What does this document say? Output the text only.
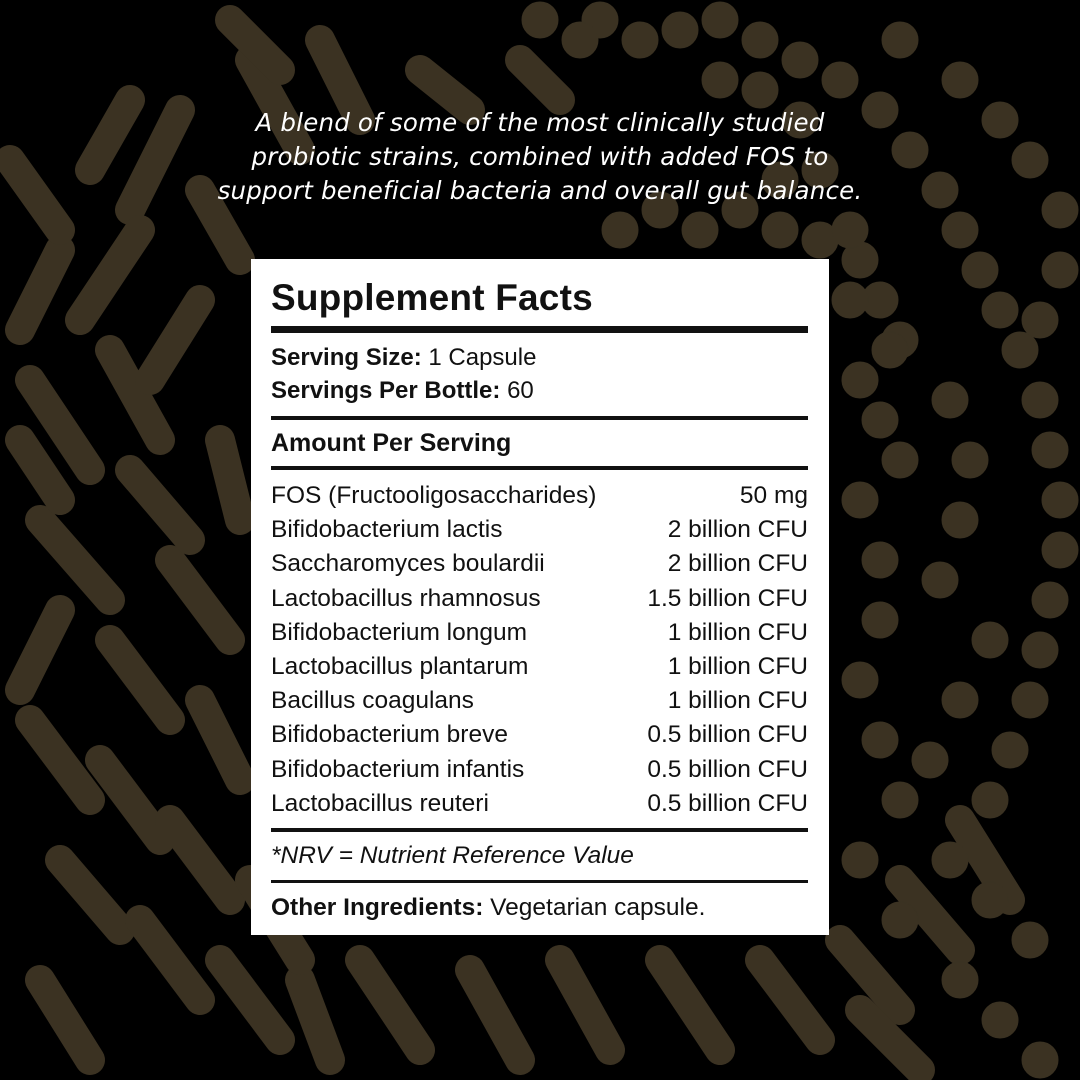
A blend of some of the most clinically studied
probiotic strains, combined with added FOS to
support beneficial bacteria and overall gut balance.
Supplement Facts
Serving Size: 1 Capsule
Servings Per Bottle: 60
Amount Per Serving
FOS (Fructooligosaccharides)	50 mg
Bifidobacterium lactis	2 billion CFU
Saccharomyces boulardii	2 billion CFU
Lactobacillus rhamnosus	1.5 billion CFU
Bifidobacterium longum	1 billion CFU
Lactobacillus plantarum	1 billion CFU
Bacillus coagulans	1 billion CFU
Bifidobacterium breve	0.5 billion CFU
Bifidobacterium infantis	0.5 billion CFU
Lactobacillus reuteri	0.5 billion CFU
*NRV = Nutrient Reference Value
Other Ingredients: Vegetarian capsule.
